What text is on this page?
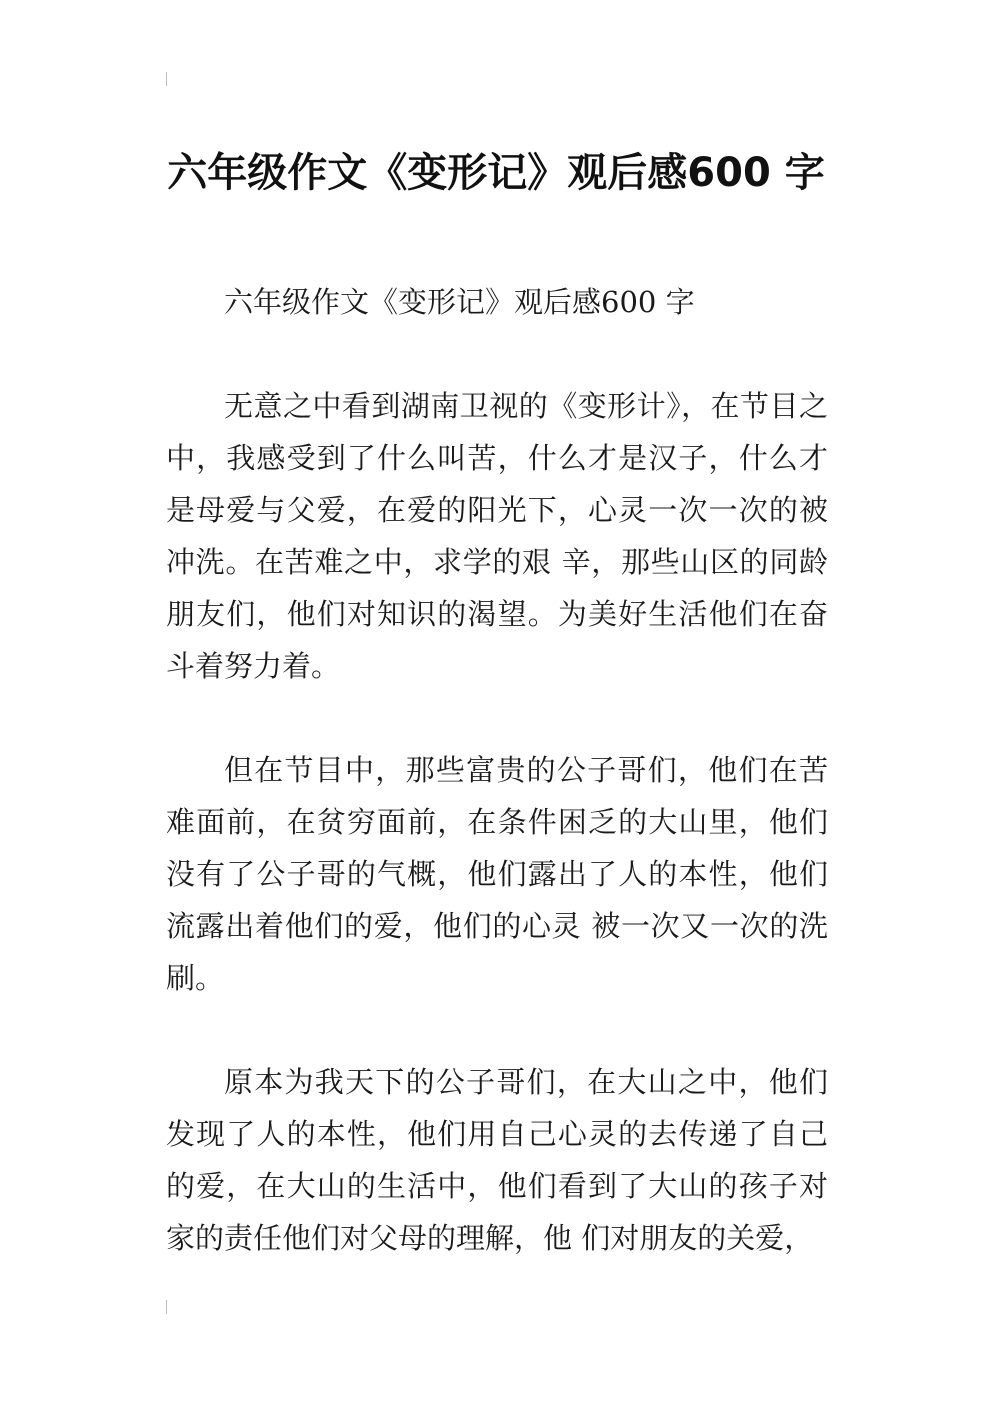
六年级作文《变形记》观后感600 字

六年级作文《变形记》观后感600 字

无意之中看到湖南卫视的《变形计》，在节目之中，我感受到了什么叫苦，什么才是汉子，什么才是母爱与父爱，在爱的阳光下，心灵一次一次的被冲洗。在苦难之中，求学的艰 辛，那些山区的同龄朋友们，他们对知识的渴望。为美好生活他们在奋斗着努力着。

但在节目中，那些富贵的公子哥们，他们在苦难面前，在贫穷面前，在条件困乏的大山里，他们没有了公子哥的气概，他们露出了人的本性，他们流露出着他们的爱，他们的心灵 被一次又一次的洗刷。

原本为我天下的公子哥们，在大山之中，他们发现了人的本性，他们用自己心灵的去传递了自己的爱，在大山的生活中，他们看到了大山的孩子对家的责任他们对父母的理解，他 们对朋友的关爱，
